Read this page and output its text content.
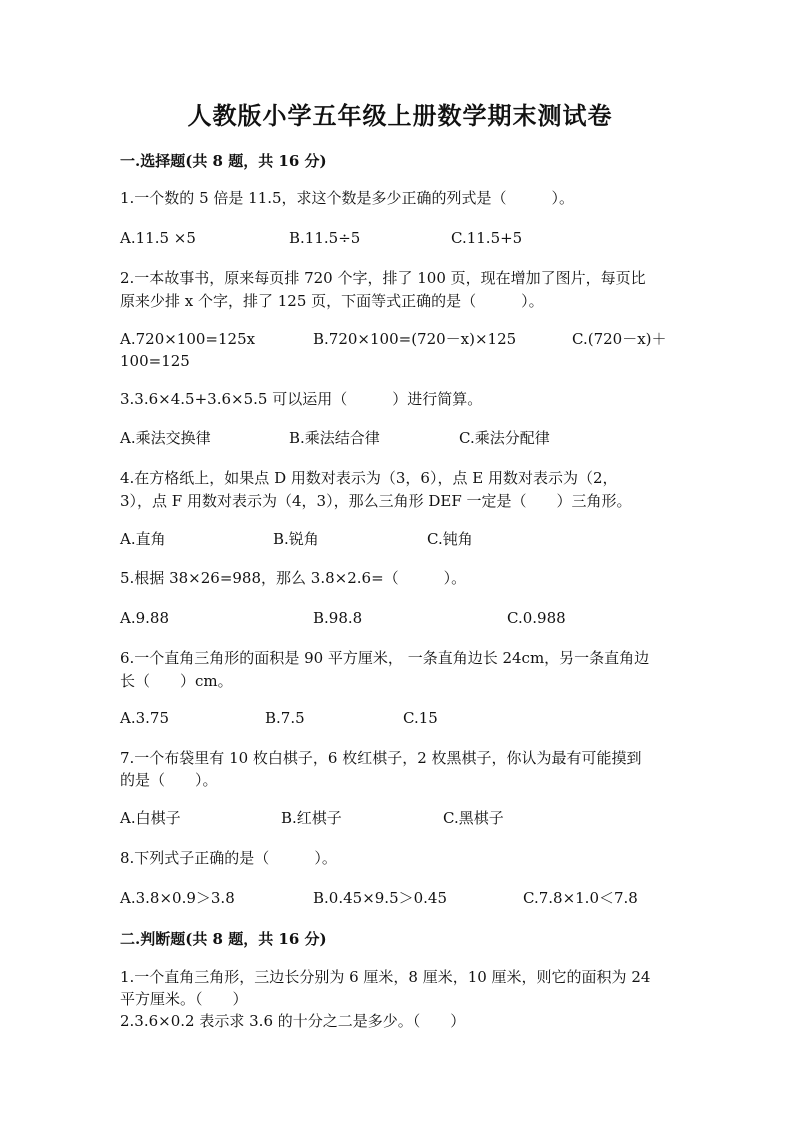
人教版小学五年级上册数学期末测试卷
一.选择题(共 8 题，共 16 分)
1.一个数的 5 倍是 11.5，求这个数是多少正确的列式是（　　　）。
A.11.5 ×5	B.11.5÷5	C.11.5+5
2.一本故事书，原来每页排 720 个字，排了 100 页，现在增加了图片，每页比
原来少排 x 个字，排了 125 页，下面等式正确的是（　　　）。
A.720×100=125x	B.720×100=(720－x)×125	C.(720－x)＋
100=125
3.3.6×4.5+3.6×5.5 可以运用（　　　）进行简算。
A.乘法交换律	B.乘法结合律	C.乘法分配律
4.在方格纸上，如果点 D 用数对表示为（3，6），点 E 用数对表示为（2，
3），点 F 用数对表示为（4，3），那么三角形 DEF 一定是（　　）三角形。
A.直角	B.锐角	C.钝角
5.根据 38×26=988，那么 3.8×2.6=（　　　）。
A.9.88	B.98.8	C.0.988
6.一个直角三角形的面积是 90 平方厘米， 一条直角边长 24cm，另一条直角边
长（　　）cm。
A.3.75	B.7.5	C.15
7.一个布袋里有 10 枚白棋子，6 枚红棋子，2 枚黑棋子，你认为最有可能摸到
的是（　　）。
A.白棋子	B.红棋子	C.黑棋子
8.下列式子正确的是（　　　）。
A.3.8×0.9＞3.8	B.0.45×9.5＞0.45	C.7.8×1.0＜7.8
二.判断题(共 8 题，共 16 分)
1.一个直角三角形，三边长分别为 6 厘米，8 厘米，10 厘米，则它的面积为 24
平方厘米。（　　）
2.3.6×0.2 表示求 3.6 的十分之二是多少。（　　）
